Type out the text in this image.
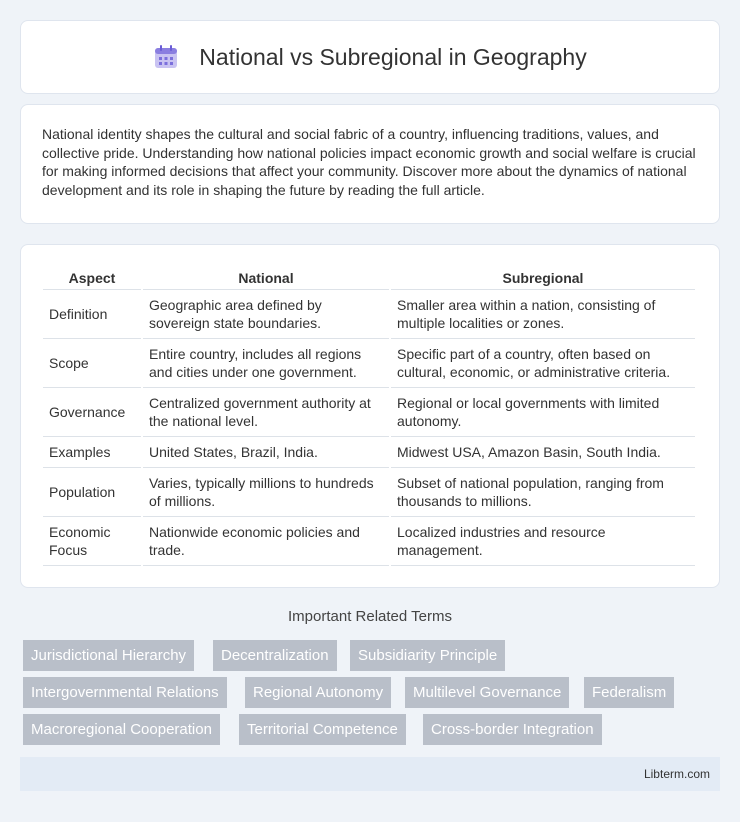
National vs Subregional in Geography

National identity shapes the cultural and social fabric of a country, influencing traditions, values, and collective pride. Understanding how national policies impact economic growth and social welfare is crucial for making informed decisions that affect your community. Discover more about the dynamics of national development and its role in shaping the future by reading the full article.

Aspect	National	Subregional
Definition	Geographic area defined by sovereign state boundaries.	Smaller area within a nation, consisting of multiple localities or zones.
Scope	Entire country, includes all regions and cities under one government.	Specific part of a country, often based on cultural, economic, or administrative criteria.
Governance	Centralized government authority at the national level.	Regional or local governments with limited autonomy.
Examples	United States, Brazil, India.	Midwest USA, Amazon Basin, South India.
Population	Varies, typically millions to hundreds of millions.	Subset of national population, ranging from thousands to millions.
Economic Focus	Nationwide economic policies and trade.	Localized industries and resource management.
Important Related Terms
Jurisdictional Hierarchy	Decentralization	Subsidiarity Principle
Intergovernmental Relations	Regional Autonomy	Multilevel Governance	Federalism
Macroregional Cooperation	Territorial Competence	Cross-border Integration
Libterm.com
